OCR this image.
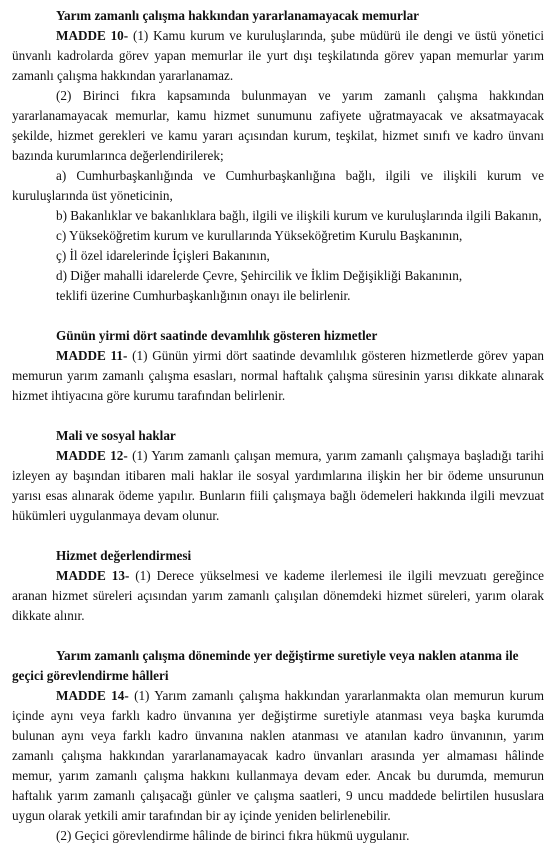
Yarım zamanlı çalışma hakkından yararlanamayacak memurlar

MADDE 10- (1) Kamu kurum ve kuruluşlarında, şube müdürü ile dengi ve üstü yönetici ünvanlı kadrolarda görev yapan memurlar ile yurt dışı teşkilatında görev yapan memurlar yarım zamanlı çalışma hakkından yararlanamaz.

(2) Birinci fıkra kapsamında bulunmayan ve yarım zamanlı çalışma hakkından yararlanamayacak memurlar, kamu hizmet sunumunu zafiyete uğratmayacak ve aksatmayacak şekilde, hizmet gerekleri ve kamu yararı açısından kurum, teşkilat, hizmet sınıfı ve kadro ünvanı bazında kurumlarınca değerlendirilerek;

a) Cumhurbaşkanlığında ve Cumhurbaşkanlığına bağlı, ilgili ve ilişkili kurum ve kuruluşlarında üst yöneticinin,

b) Bakanlıklar ve bakanlıklara bağlı, ilgili ve ilişkili kurum ve kuruluşlarında ilgili Bakanın,

c) Yükseköğretim kurum ve kurullarında Yükseköğretim Kurulu Başkanının,

ç) İl özel idarelerinde İçişleri Bakanının,

d) Diğer mahalli idarelerde Çevre, Şehircilik ve İklim Değişikliği Bakanının,

teklifi üzerine Cumhurbaşkanlığının onayı ile belirlenir.

Günün yirmi dört saatinde devamlılık gösteren hizmetler

MADDE 11- (1) Günün yirmi dört saatinde devamlılık gösteren hizmetlerde görev yapan memurun yarım zamanlı çalışma esasları, normal haftalık çalışma süresinin yarısı dikkate alınarak hizmet ihtiyacına göre kurumu tarafından belirlenir.

Mali ve sosyal haklar

MADDE 12- (1) Yarım zamanlı çalışan memura, yarım zamanlı çalışmaya başladığı tarihi izleyen ay başından itibaren mali haklar ile sosyal yardımlarına ilişkin her bir ödeme unsurunun yarısı esas alınarak ödeme yapılır. Bunların fiili çalışmaya bağlı ödemeleri hakkında ilgili mevzuat hükümleri uygulanmaya devam olunur.

Hizmet değerlendirmesi

MADDE 13- (1) Derece yükselmesi ve kademe ilerlemesi ile ilgili mevzuatı gereğince aranan hizmet süreleri açısından yarım zamanlı çalışılan dönemdeki hizmet süreleri, yarım olarak dikkate alınır.

Yarım zamanlı çalışma döneminde yer değiştirme suretiyle veya naklen atanma ile geçici görevlendirme hâlleri

MADDE 14- (1) Yarım zamanlı çalışma hakkından yararlanmakta olan memurun kurum içinde aynı veya farklı kadro ünvanına yer değiştirme suretiyle atanması veya başka kurumda bulunan aynı veya farklı kadro ünvanına naklen atanması ve atanılan kadro ünvanının, yarım zamanlı çalışma hakkından yararlanamayacak kadro ünvanları arasında yer almaması hâlinde memur, yarım zamanlı çalışma hakkını kullanmaya devam eder. Ancak bu durumda, memurun haftalık yarım zamanlı çalışacağı günler ve çalışma saatleri, 9 uncu maddede belirtilen hususlara uygun olarak yetkili amir tarafından bir ay içinde yeniden belirlenebilir.

(2) Geçici görevlendirme hâlinde de birinci fıkra hükmü uygulanır.
